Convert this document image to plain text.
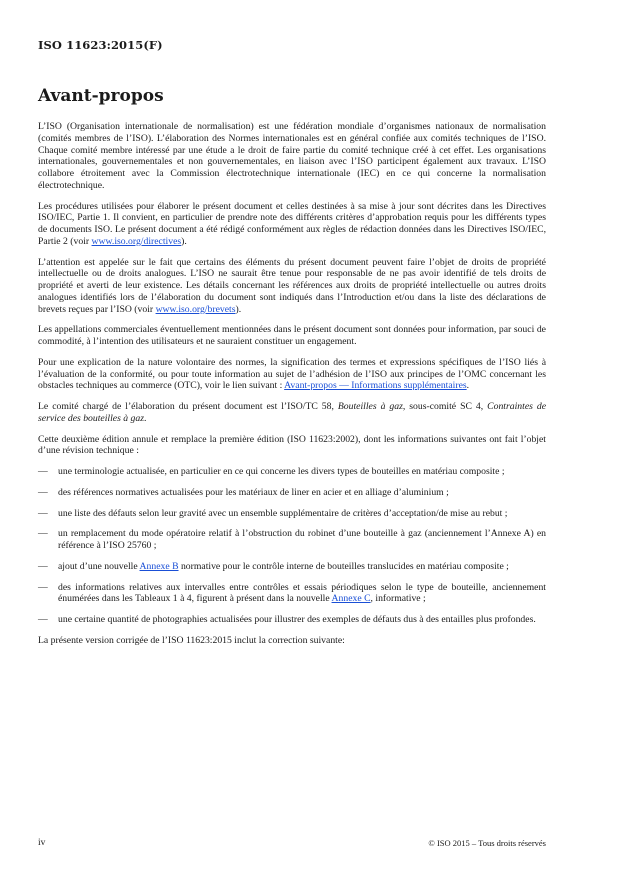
ISO 11623:2015(F)
Avant-propos

L’ISO (Organisation internationale de normalisation) est une fédération mondiale d’organismes nationaux de normalisation (comités membres de l’ISO). L’élaboration des Normes internationales est en général confiée aux comités techniques de l’ISO. Chaque comité membre intéressé par une étude a le droit de faire partie du comité technique créé à cet effet. Les organisations internationales, gouvernementales et non gouvernementales, en liaison avec l’ISO participent également aux travaux. L’ISO collabore étroitement avec la Commission électrotechnique internationale (IEC) en ce qui concerne la normalisation électrotechnique.

Les procédures utilisées pour élaborer le présent document et celles destinées à sa mise à jour sont décrites dans les Directives ISO/IEC, Partie 1. Il convient, en particulier de prendre note des différents critères d’approbation requis pour les différents types de documents ISO. Le présent document a été rédigé conformément aux règles de rédaction données dans les Directives ISO/IEC, Partie 2 (voir www.iso.org/directives).

L’attention est appelée sur le fait que certains des éléments du présent document peuvent faire l’objet de droits de propriété intellectuelle ou de droits analogues. L’ISO ne saurait être tenue pour responsable de ne pas avoir identifié de tels droits de propriété et averti de leur existence. Les détails concernant les références aux droits de propriété intellectuelle ou autres droits analogues identifiés lors de l’élaboration du document sont indiqués dans l’Introduction et/ou dans la liste des déclarations de brevets reçues par l’ISO (voir www.iso.org/brevets).

Les appellations commerciales éventuellement mentionnées dans le présent document sont données pour information, par souci de commodité, à l’intention des utilisateurs et ne sauraient constituer un engagement.

Pour une explication de la nature volontaire des normes, la signification des termes et expressions spécifiques de l’ISO liés à l’évaluation de la conformité, ou pour toute information au sujet de l’adhésion de l’ISO aux principes de l’OMC concernant les obstacles techniques au commerce (OTC), voir le lien suivant : Avant-propos — Informations supplémentaires.

Le comité chargé de l’élaboration du présent document est l’ISO/TC 58, Bouteilles à gaz, sous-comité SC 4, Contraintes de service des bouteilles à gaz.

Cette deuxième édition annule et remplace la première édition (ISO 11623:2002), dont les informations suivantes ont fait l’objet d’une révision technique :

— une terminologie actualisée, en particulier en ce qui concerne les divers types de bouteilles en matériau composite ;
— des références normatives actualisées pour les matériaux de liner en acier et en alliage d’aluminium ;
— une liste des défauts selon leur gravité avec un ensemble supplémentaire de critères d’acceptation/de mise au rebut ;
— un remplacement du mode opératoire relatif à l’obstruction du robinet d’une bouteille à gaz (anciennement l’Annexe A) en référence à l’ISO 25760 ;
— ajout d’une nouvelle Annexe B normative pour le contrôle interne de bouteilles translucides en matériau composite ;
— des informations relatives aux intervalles entre contrôles et essais périodiques selon le type de bouteille, anciennement énumérées dans les Tableaux 1 à 4, figurent à présent dans la nouvelle Annexe C, informative ;
— une certaine quantité de photographies actualisées pour illustrer des exemples de défauts dus à des entailles plus profondes.

La présente version corrigée de l’ISO 11623:2015 inclut la correction suivante:

iv	© ISO 2015 – Tous droits réservés
